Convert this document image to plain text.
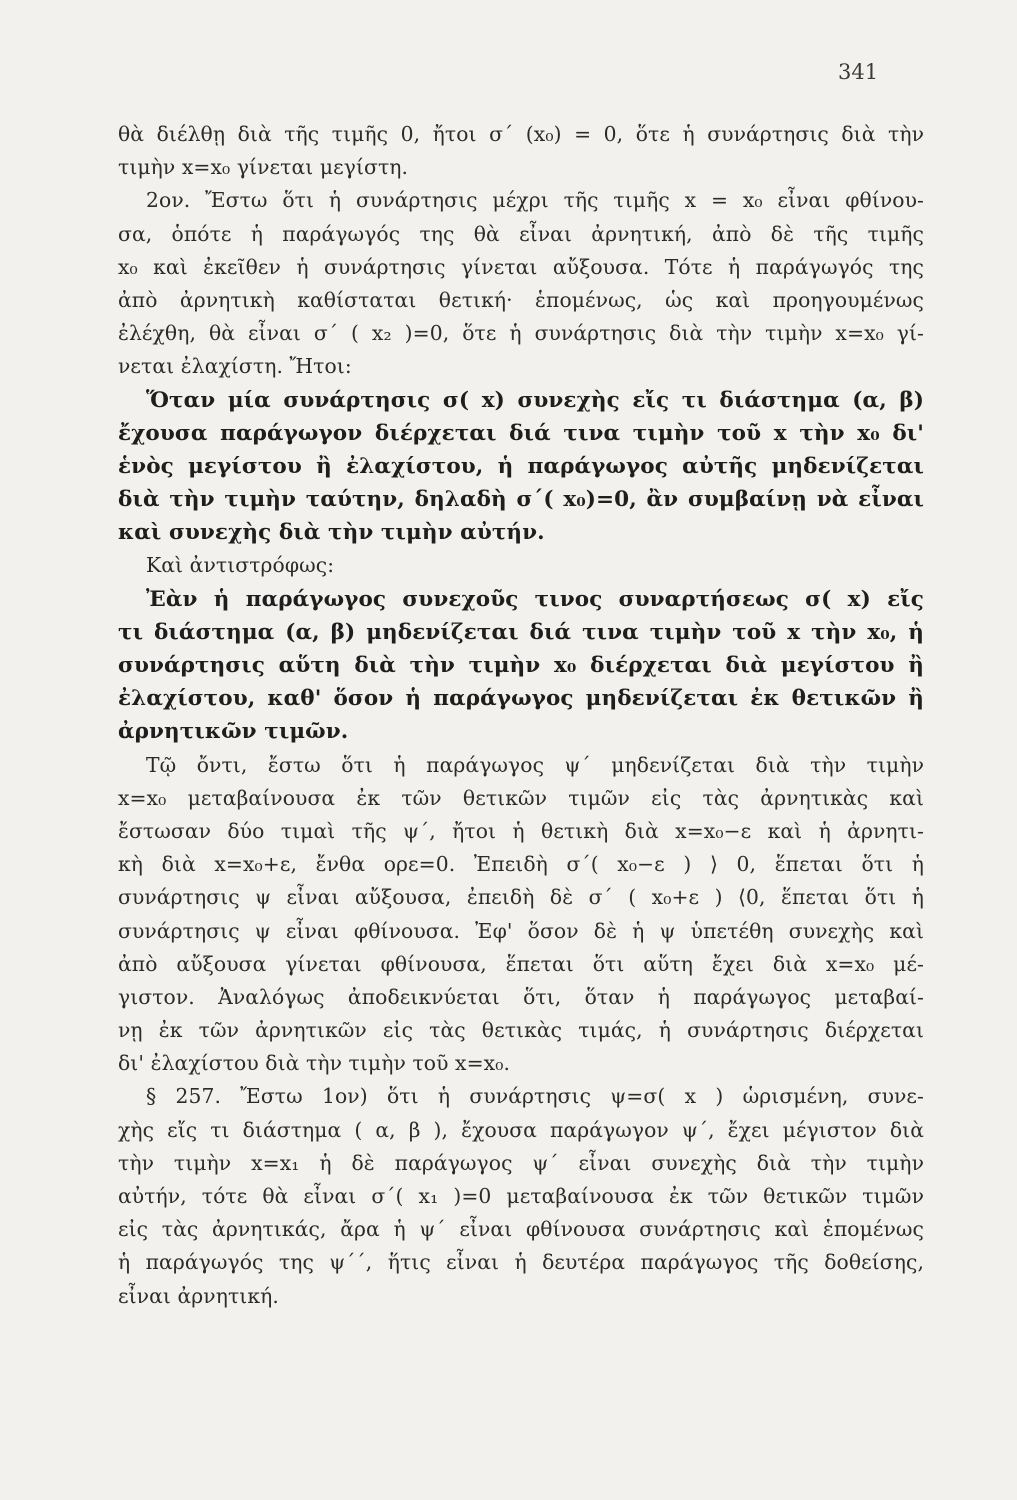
341
θὰ διέλθῃ διὰ τῆς τιμῆς 0, ἤτοι σ΄ (x₀) = 0, ὅτε ἡ συνάρτησις διὰ τὴν
τιμὴν x=x₀ γίνεται μεγίστη.
2ον. Ἔστω ὅτι ἡ συνάρτησις μέχρι τῆς τιμῆς x = x₀ εἶναι φθίνου-
σα, ὁπότε ἡ παράγωγός της θὰ εἶναι ἀρνητική, ἀπὸ δὲ τῆς τιμῆς
x₀ καὶ ἐκεῖθεν ἡ συνάρτησις γίνεται αὔξουσα. Τότε ἡ παράγωγός της
ἀπὸ ἀρνητικὴ καθίσταται θετική· ἑπομένως, ὡς καὶ προηγουμένως
ἐλέχθη, θὰ εἶναι σ΄ ( x₂ )=0, ὅτε ἡ συνάρτησις διὰ τὴν τιμὴν x=x₀ γί-
νεται ἐλαχίστη. Ἤτοι:
Ὅταν μία συνάρτησις σ( x) συνεχὴς εἴς τι διάστημα (α, β)
ἔχουσα παράγωγον διέρχεται διά τινα τιμὴν τοῦ x τὴν x₀ δι'
ἑνὸς μεγίστου ἢ ἐλαχίστου, ἡ παράγωγος αὐτῆς μηδενίζεται
διὰ τὴν τιμὴν ταύτην, δηλαδὴ σ΄( x₀)=0, ἂν συμβαίνῃ νὰ εἶναι
καὶ συνεχὴς διὰ τὴν τιμὴν αὐτήν.
Καὶ ἀντιστρόφως:
Ἐὰν ἡ παράγωγος συνεχοῦς τινος συναρτήσεως σ( x) εἴς
τι διάστημα (α, β) μηδενίζεται διά τινα τιμὴν τοῦ x τὴν x₀, ἡ
συνάρτησις αὕτη διὰ τὴν τιμὴν x₀ διέρχεται διὰ μεγίστου ἢ
ἐλαχίστου, καθ' ὅσον ἡ παράγωγος μηδενίζεται ἐκ θετικῶν ἢ
ἀρνητικῶν τιμῶν.
Τῷ ὄντι, ἔστω ὅτι ἡ παράγωγος ψ΄ μηδενίζεται διὰ τὴν τιμὴν
x=x₀ μεταβαίνουσα ἐκ τῶν θετικῶν τιμῶν εἰς τὰς ἀρνητικὰς καὶ
ἔστωσαν δύο τιμαὶ τῆς ψ΄, ἤτοι ἡ θετικὴ διὰ x=x₀−ε καὶ ἡ ἀρνητι-
κὴ διὰ x=x₀+ε, ἔνθα ορε=0. Ἐπειδὴ σ΄( x₀−ε ) ⟩ 0, ἕπεται ὅτι ἡ
συνάρτησις ψ εἶναι αὔξουσα, ἐπειδὴ δὲ σ΄ ( x₀+ε ) ⟨0, ἕπεται ὅτι ἡ
συνάρτησις ψ εἶναι φθίνουσα. Ἐφ' ὅσον δὲ ἡ ψ ὑπετέθη συνεχὴς καὶ
ἀπὸ αὔξουσα γίνεται φθίνουσα, ἕπεται ὅτι αὕτη ἔχει διὰ x=x₀ μέ-
γιστον. Ἀναλόγως ἀποδεικνύεται ὅτι, ὅταν ἡ παράγωγος μεταβαί-
νῃ ἐκ τῶν ἀρνητικῶν εἰς τὰς θετικὰς τιμάς, ἡ συνάρτησις διέρχεται
δι' ἐλαχίστου διὰ τὴν τιμὴν τοῦ x=x₀.
§ 257. Ἔστω 1ον) ὅτι ἡ συνάρτησις ψ=σ( x ) ὡρισμένη, συνε-
χὴς εἴς τι διάστημα ( α, β ), ἔχουσα παράγωγον ψ΄, ἔχει μέγιστον διὰ
τὴν τιμὴν x=x₁ ἡ δὲ παράγωγος ψ΄ εἶναι συνεχὴς διὰ τὴν τιμὴν
αὐτήν, τότε θὰ εἶναι σ΄( x₁ )=0 μεταβαίνουσα ἐκ τῶν θετικῶν τιμῶν
εἰς τὰς ἀρνητικάς, ἄρα ἡ ψ΄ εἶναι φθίνουσα συνάρτησις καὶ ἑπομένως
ἡ παράγωγός της ψ΄΄, ἥτις εἶναι ἡ δευτέρα παράγωγος τῆς δοθείσης,
εἶναι ἀρνητική.
